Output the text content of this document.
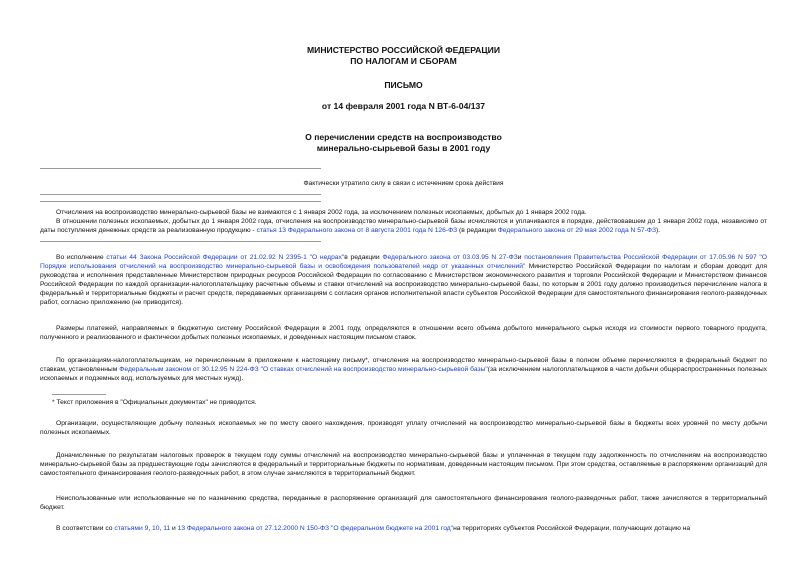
МИНИСТЕРСТВО РОССИЙСКОЙ ФЕДЕРАЦИИ
ПО НАЛОГАМ И СБОРАМ
ПИСЬМО
от 14 февраля 2001 года N ВТ-6-04/137
О перечислении средств на воспроизводство
минерально-сырьевой базы в 2001 году
Фактически утратило силу в связи с истечением срока действия
Отчисления на воспроизводство минерально-сырьевой базы не взимаются с 1 января 2002 года, за исключением полезных ископаемых, добытых до 1 января 2002 года.
В отношении полезных ископаемых, добытых до 1 января 2002 года, отчисления на воспроизводство минерально-сырьевой базы исчисляются и уплачиваются в порядке, действовавшем до 1 января 2002 года, независимо от даты поступления денежных средств за реализованную продукцию - статья 13 Федерального закона от 8 августа 2001 года N 126-ФЗ (в редакции Федерального закона от 29 мая 2002 года N 57-ФЗ).
Во исполнение статьи 44 Закона Российской Федерации от 21.02.92 N 2395-1 "О недрах"в редакции Федерального закона от 03.03.95 N 27-ФЗи постановления Правительства Российской Федерации от 17.05.96 N 597 "О Порядке использования отчислений на воспроизводство минерально-сырьевой базы и освобождения пользователей недр от указанных отчислений" Министерство Российской Федерации по налогам и сборам доводит для руководства и исполнения представленные Министерством природных ресурсов Российской Федерации по согласованию с Министерством экономического развития и торговли Российской Федерации и Министерством финансов Российской Федерации по каждой организации-налогоплательщику расчетные объемы и ставки отчислений на воспроизводство минерально-сырьевой базы, по которым в 2001 году должно производиться перечисление налога в федеральный и территориальные бюджеты и расчет средств, передаваемых организациям с согласия органов исполнительной власти субъектов Российской Федерации для самостоятельного финансирования геолого-разведочных работ, согласно приложению (не приводится).
Размеры платежей, направляемых в бюджетную систему Российской Федерации в 2001 году, определяются в отношении всего объема добытого минерального сырья исходя из стоимости первого товарного продукта, полученного и реализованного и фактически добытых полезных ископаемых, и доведенных настоящим письмом ставок.
По организациям-налогоплательщикам, не перечисленным в приложении к настоящему письму*, отчисления на воспроизводство минерально-сырьевой базы в полном объеме перечисляются в федеральный бюджет по ставкам, установленным Федеральным законом от 30.12.95 N 224-ФЗ "О ставках отчислений на воспроизводство минерально-сырьевой базы"(за исключением налогоплательщиков в части добычи общераспространенных полезных ископаемых и подземных вод, используемых для местных нужд).
* Текст приложения в "Официальных документах" не приводится.
Организации, осуществляющие добычу полезных ископаемых не по месту своего нахождения, производят уплату отчислений на воспроизводство минерально-сырьевой базы в бюджеты всех уровней по месту добычи полезных ископаемых.
Доначисленные по результатам налоговых проверок в текущем году суммы отчислений на воспроизводство минерально-сырьевой базы и уплаченная в текущем году задолженность по отчислениям на воспроизводство минерально-сырьевой базы за предшествующие годы зачисляются в федеральный и территориальные бюджеты по нормативам, доведенным настоящим письмом. При этом средства, оставляемые в распоряжении организаций для самостоятельного финансирования геолого-разведочных работ, в этом случае зачисляются в территориальный бюджет.
Неиспользованные или использованные не по назначению средства, переданные в распоряжение организаций для самостоятельного финансирования геолого-разведочных работ, также зачисляются в территориальный бюджет.
В соответствии со статьями 9, 10, 11 и 13 Федерального закона от 27.12.2000 N 150-ФЗ "О федеральном бюджете на 2001 год"на территориях субъектов Российской Федерации, получающих дотацию на
